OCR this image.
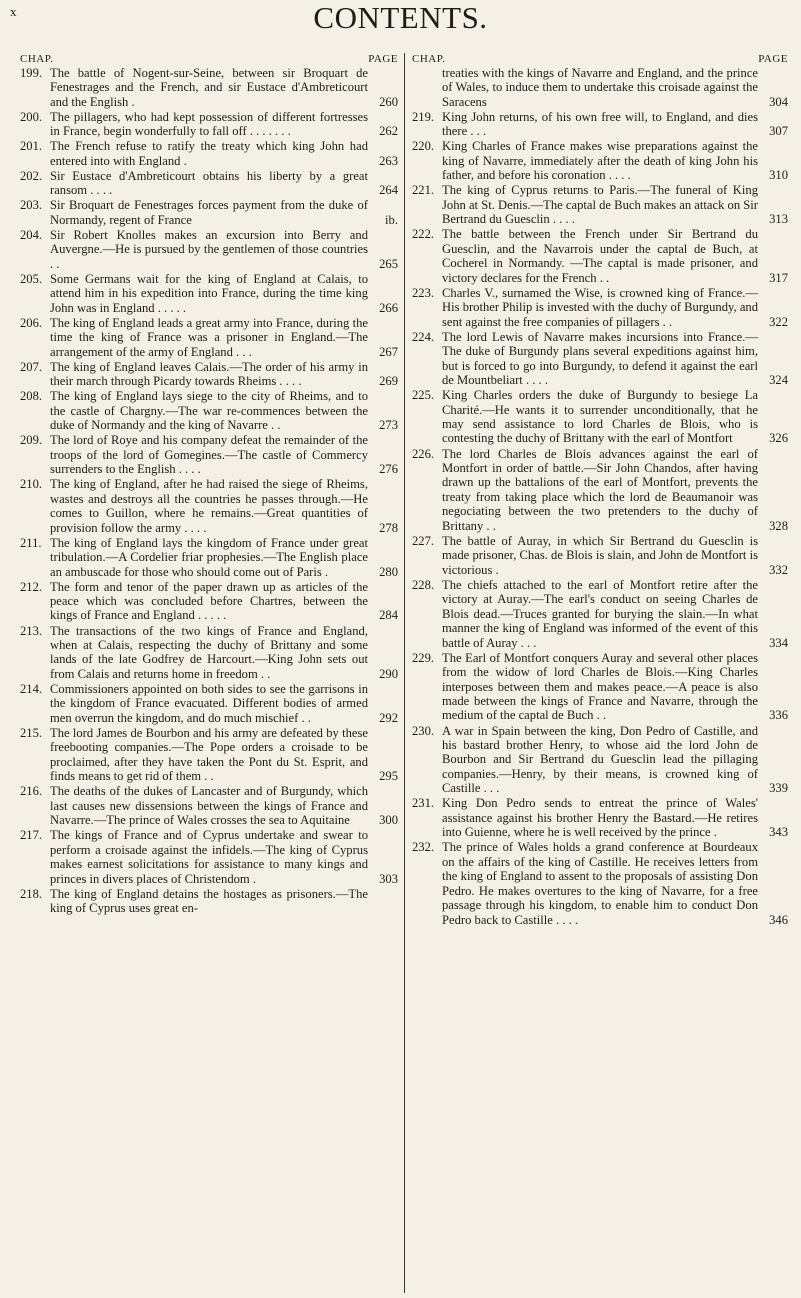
x	CONTENTS.
CHAP.	PAGE
199. The battle of Nogent-sur-Seine, between sir Broquart de Fenestrages and the French, and sir Eustace d'Ambreticourt and the English .	260
200. The pillagers, who had kept possession of different fortresses in France, begin wonderfully to fall off . . . . . . .	262
201. The French refuse to ratify the treaty which king John had entered into with England .	263
202. Sir Eustace d'Ambreticourt obtains his liberty by a great ransom . . . .	264
203. Sir Broquart de Fenestrages forces payment from the duke of Normandy, regent of France	ib.
204. Sir Robert Knolles makes an excursion into Berry and Auvergne.—He is pursued by the gentlemen of those countries . .	265
205. Some Germans wait for the king of England at Calais, to attend him in his expedition into France, during the time king John was in England . . . . .	266
206. The king of England leads a great army into France, during the time the king of France was a prisoner in England.—The arrangement of the army of England . . .	267
207. The king of England leaves Calais.—The order of his army in their march through Picardy towards Rheims . . . .	269
208. The king of England lays siege to the city of Rheims, and to the castle of Chargny.—The war re-commences between the duke of Normandy and the king of Navarre . .	273
209. The lord of Roye and his company defeat the remainder of the troops of the lord of Gomegines.—The castle of Commercy surrenders to the English . . . .	276
210. The king of England, after he had raised the siege of Rheims, wastes and destroys all the countries he passes through.—He comes to Guillon, where he remains.—Great quantities of provision follow the army . . . .	278
211. The king of England lays the kingdom of France under great tribulation.—A Cordelier friar prophesies.—The English place an ambuscade for those who should come out of Paris .	280
212. The form and tenor of the paper drawn up as articles of the peace which was concluded before Chartres, between the kings of France and England . . . . .	284
213. The transactions of the two kings of France and England, when at Calais, respecting the duchy of Brittany and some lands of the late Godfrey de Harcourt.—King John sets out from Calais and returns home in freedom . .	290
214. Commissioners appointed on both sides to see the garrisons in the kingdom of France evacuated. Different bodies of armed men overrun the kingdom, and do much mischief . .	292
215. The lord James de Bourbon and his army are defeated by these freebooting companies.—The Pope orders a croisade to be proclaimed, after they have taken the Pont du St. Esprit, and finds means to get rid of them . .	295
216. The deaths of the dukes of Lancaster and of Burgundy, which last causes new dissensions between the kings of France and Navarre.—The prince of Wales crosses the sea to Aquitaine	300
217. The kings of France and of Cyprus undertake and swear to perform a croisade against the infidels.—The king of Cyprus makes earnest solicitations for assistance to many kings and princes in divers places of Christendom .	303
218. The king of England detains the hostages as prisoners.—The king of Cyprus uses great en-
CHAP.	PAGE
treaties with the kings of Navarre and England, and the prince of Wales, to induce them to undertake this croisade against the Saracens	304
219. King John returns, of his own free will, to England, and dies there . . .	307
220. King Charles of France makes wise preparations against the king of Navarre, immediately after the death of king John his father, and before his coronation . . . .	310
221. The king of Cyprus returns to Paris.—The funeral of King John at St. Denis.—The captal de Buch makes an attack on Sir Bertrand du Guesclin . . . .	313
222. The battle between the French under Sir Bertrand du Guesclin, and the Navarrois under the captal de Buch, at Cocherel in Normandy. —The captal is made prisoner, and victory declares for the French . .	317
223. Charles V., surnamed the Wise, is crowned king of France.—His brother Philip is invested with the duchy of Burgundy, and sent against the free companies of pillagers . .	322
224. The lord Lewis of Navarre makes incursions into France.—The duke of Burgundy plans several expeditions against him, but is forced to go into Burgundy, to defend it against the earl de Mountbeliart . . . .	324
225. King Charles orders the duke of Burgundy to besiege La Charité.—He wants it to surrender unconditionally, that he may send assistance to lord Charles de Blois, who is contesting the duchy of Brittany with the earl of Montfort	326
226. The lord Charles de Blois advances against the earl of Montfort in order of battle.—Sir John Chandos, after having drawn up the battalions of the earl of Montfort, prevents the treaty from taking place which the lord de Beaumanoir was negociating between the two pretenders to the duchy of Brittany . .	328
227. The battle of Auray, in which Sir Bertrand du Guesclin is made prisoner, Chas. de Blois is slain, and John de Montfort is victorious .	332
228. The chiefs attached to the earl of Montfort retire after the victory at Auray.—The earl's conduct on seeing Charles de Blois dead.—Truces granted for burying the slain.—In what manner the king of England was informed of the event of this battle of Auray . . .	334
229. The Earl of Montfort conquers Auray and several other places from the widow of lord Charles de Blois.—King Charles interposes between them and makes peace.—A peace is also made between the kings of France and Navarre, through the medium of the captal de Buch . .	336
230. A war in Spain between the king, Don Pedro of Castille, and his bastard brother Henry, to whose aid the lord John de Bourbon and Sir Bertrand du Guesclin lead the pillaging companies.—Henry, by their means, is crowned king of Castille . . .	339
231. King Don Pedro sends to entreat the prince of Wales' assistance against his brother Henry the Bastard.—He retires into Guienne, where he is well received by the prince .	343
232. The prince of Wales holds a grand conference at Bourdeaux on the affairs of the king of Castille. He receives letters from the king of England to assent to the proposals of assisting Don Pedro. He makes overtures to the king of Navarre, for a free passage through his kingdom, to enable him to conduct Don Pedro back to Castille . . . .	346
